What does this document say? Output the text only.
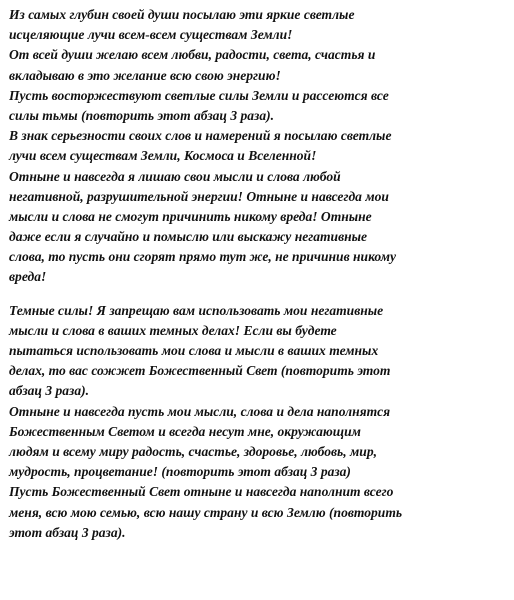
Из самых глубин своей души посылаю эти яркие светлые
исцеляющие лучи всем-всем существам Земли!
От всей души желаю всем любви, радости, света, счастья и
вкладываю в это желание всю свою энергию!
Пусть восторжествуют светлые силы Земли и рассеются все
силы тьмы (повторить этот абзац 3 раза).
В знак серьезности своих слов и намерений я посылаю светлые
лучи всем существам Земли, Космоса и Вселенной!
Отныне и навсегда я лишаю свои мысли и слова любой
негативной, разрушительной энергии! Отныне и навсегда мои
мысли и слова не смогут причинить никому вреда! Отныне
даже если я случайно и помыслю или выскажу негативные
слова, то пусть они сгорят прямо тут же, не причинив никому
вреда!
Темные силы! Я запрещаю вам использовать мои негативные
мысли и слова в ваших темных делах! Если вы будете
пытаться использовать мои слова и мысли в ваших темных
делах, то вас сожжет Божественный Свет (повторить этот
абзац 3 раза).
Отныне и навсегда пусть мои мысли, слова и дела наполнятся
Божественным Светом и всегда несут мне, окружающим
людям и всему миру радость, счастье, здоровье, любовь, мир,
мудрость, процветание! (повторить этот абзац 3 раза)
Пусть Божественный Свет отныне и навсегда наполнит всего
меня, всю мою семью, всю нашу страну и всю Землю (повторить
этот абзац 3 раза).
